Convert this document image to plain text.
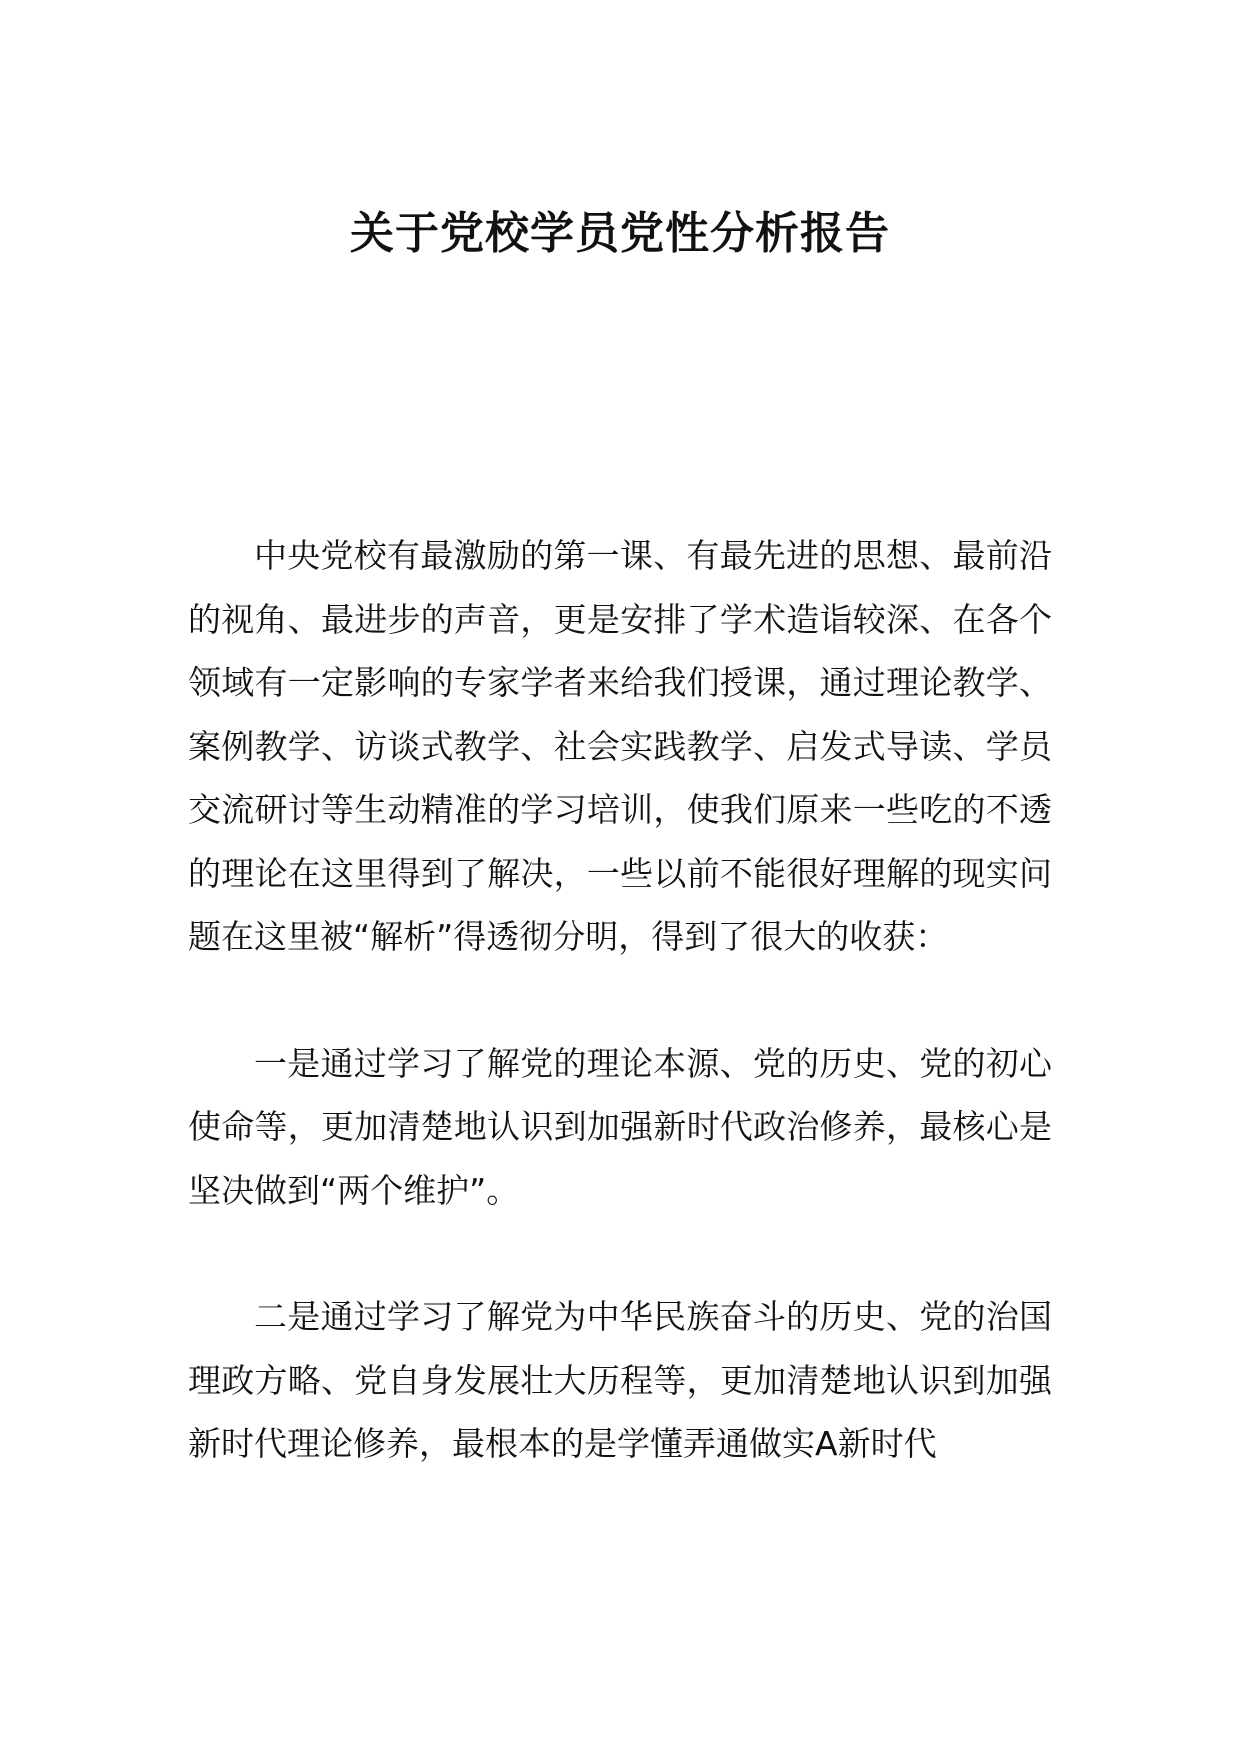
关于党校学员党性分析报告

中央党校有最激励的第一课、有最先进的思想、最前沿的视角、最进步的声音，更是安排了学术造诣较深、在各个领域有一定影响的专家学者来给我们授课，通过理论教学、案例教学、访谈式教学、社会实践教学、启发式导读、学员交流研讨等生动精准的学习培训，使我们原来一些吃的不透的理论在这里得到了解决，一些以前不能很好理解的现实问题在这里被“解析”得透彻分明，得到了很大的收获：

一是通过学习了解党的理论本源、党的历史、党的初心使命等，更加清楚地认识到加强新时代政治修养，最核心是坚决做到“两个维护”。

二是通过学习了解党为中华民族奋斗的历史、党的治国理政方略、党自身发展壮大历程等，更加清楚地认识到加强新时代理论修养，最根本的是学懂弄通做实A新时代
